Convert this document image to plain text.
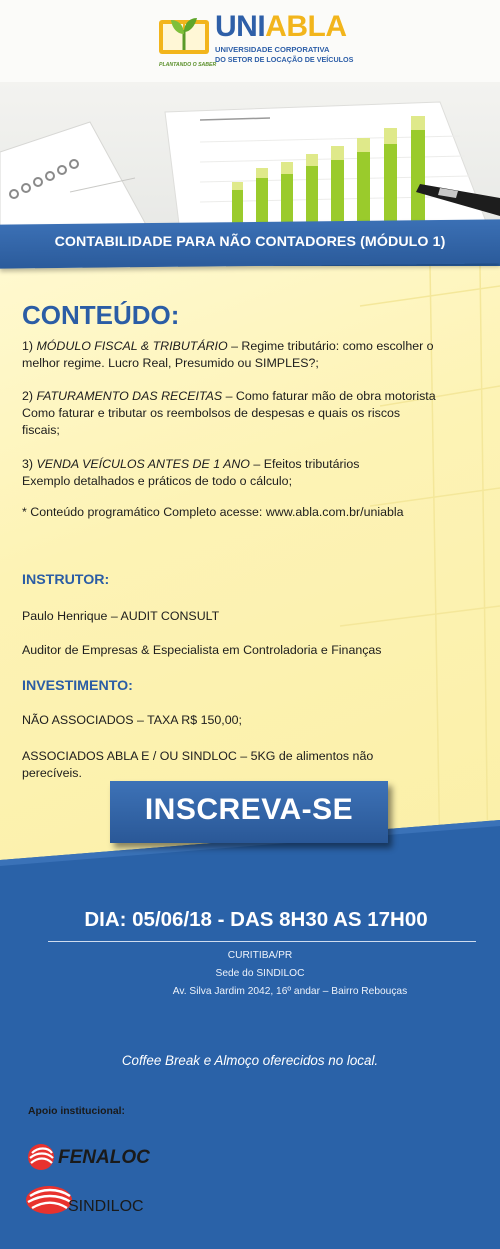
UNIABLA
UNIVERSIDADE CORPORATIVA
DO SETOR DE LOCAÇÃO DE VEÍCULOS
PLANTANDO O SABER
CONTEÚDO:
1) MÓDULO FISCAL & TRIBUTÁRIO – Regime tributário: como escolher o
melhor regime. Lucro Real, Presumido ou SIMPLES?;
2) FATURAMENTO DAS RECEITAS – Como faturar mão de obra motorista
Como faturar e tributar os reembolsos de despesas e quais os riscos
fiscais;
3) VENDA VEÍCULOS ANTES DE 1 ANO – Efeitos tributários
Exemplo detalhados e práticos de todo o cálculo;
* Conteúdo programático Completo acesse: www.abla.com.br/uniabla
INSTRUTOR:
Paulo Henrique – AUDIT CONSULT
Auditor de Empresas & Especialista em Controladoria e Finanças
INVESTIMENTO:
NÃO ASSOCIADOS – TAXA R$ 150,00;
ASSOCIADOS ABLA E / OU SINDLOC – 5KG de alimentos não
perecíveis.
INSCREVA-SE
CONTABILIDADE PARA NÃO CONTADORES (MÓDULO 1)
DIA: 05/06/18 - DAS 8H30 AS 17H00
CURITIBA/PR
Sede do SINDILOC
Av. Silva Jardim 2042, 16º andar – Bairro Rebouças
Coffee Break e Almoço oferecidos no local.
Apoio institucional:
FENALOC
SINDILOC
